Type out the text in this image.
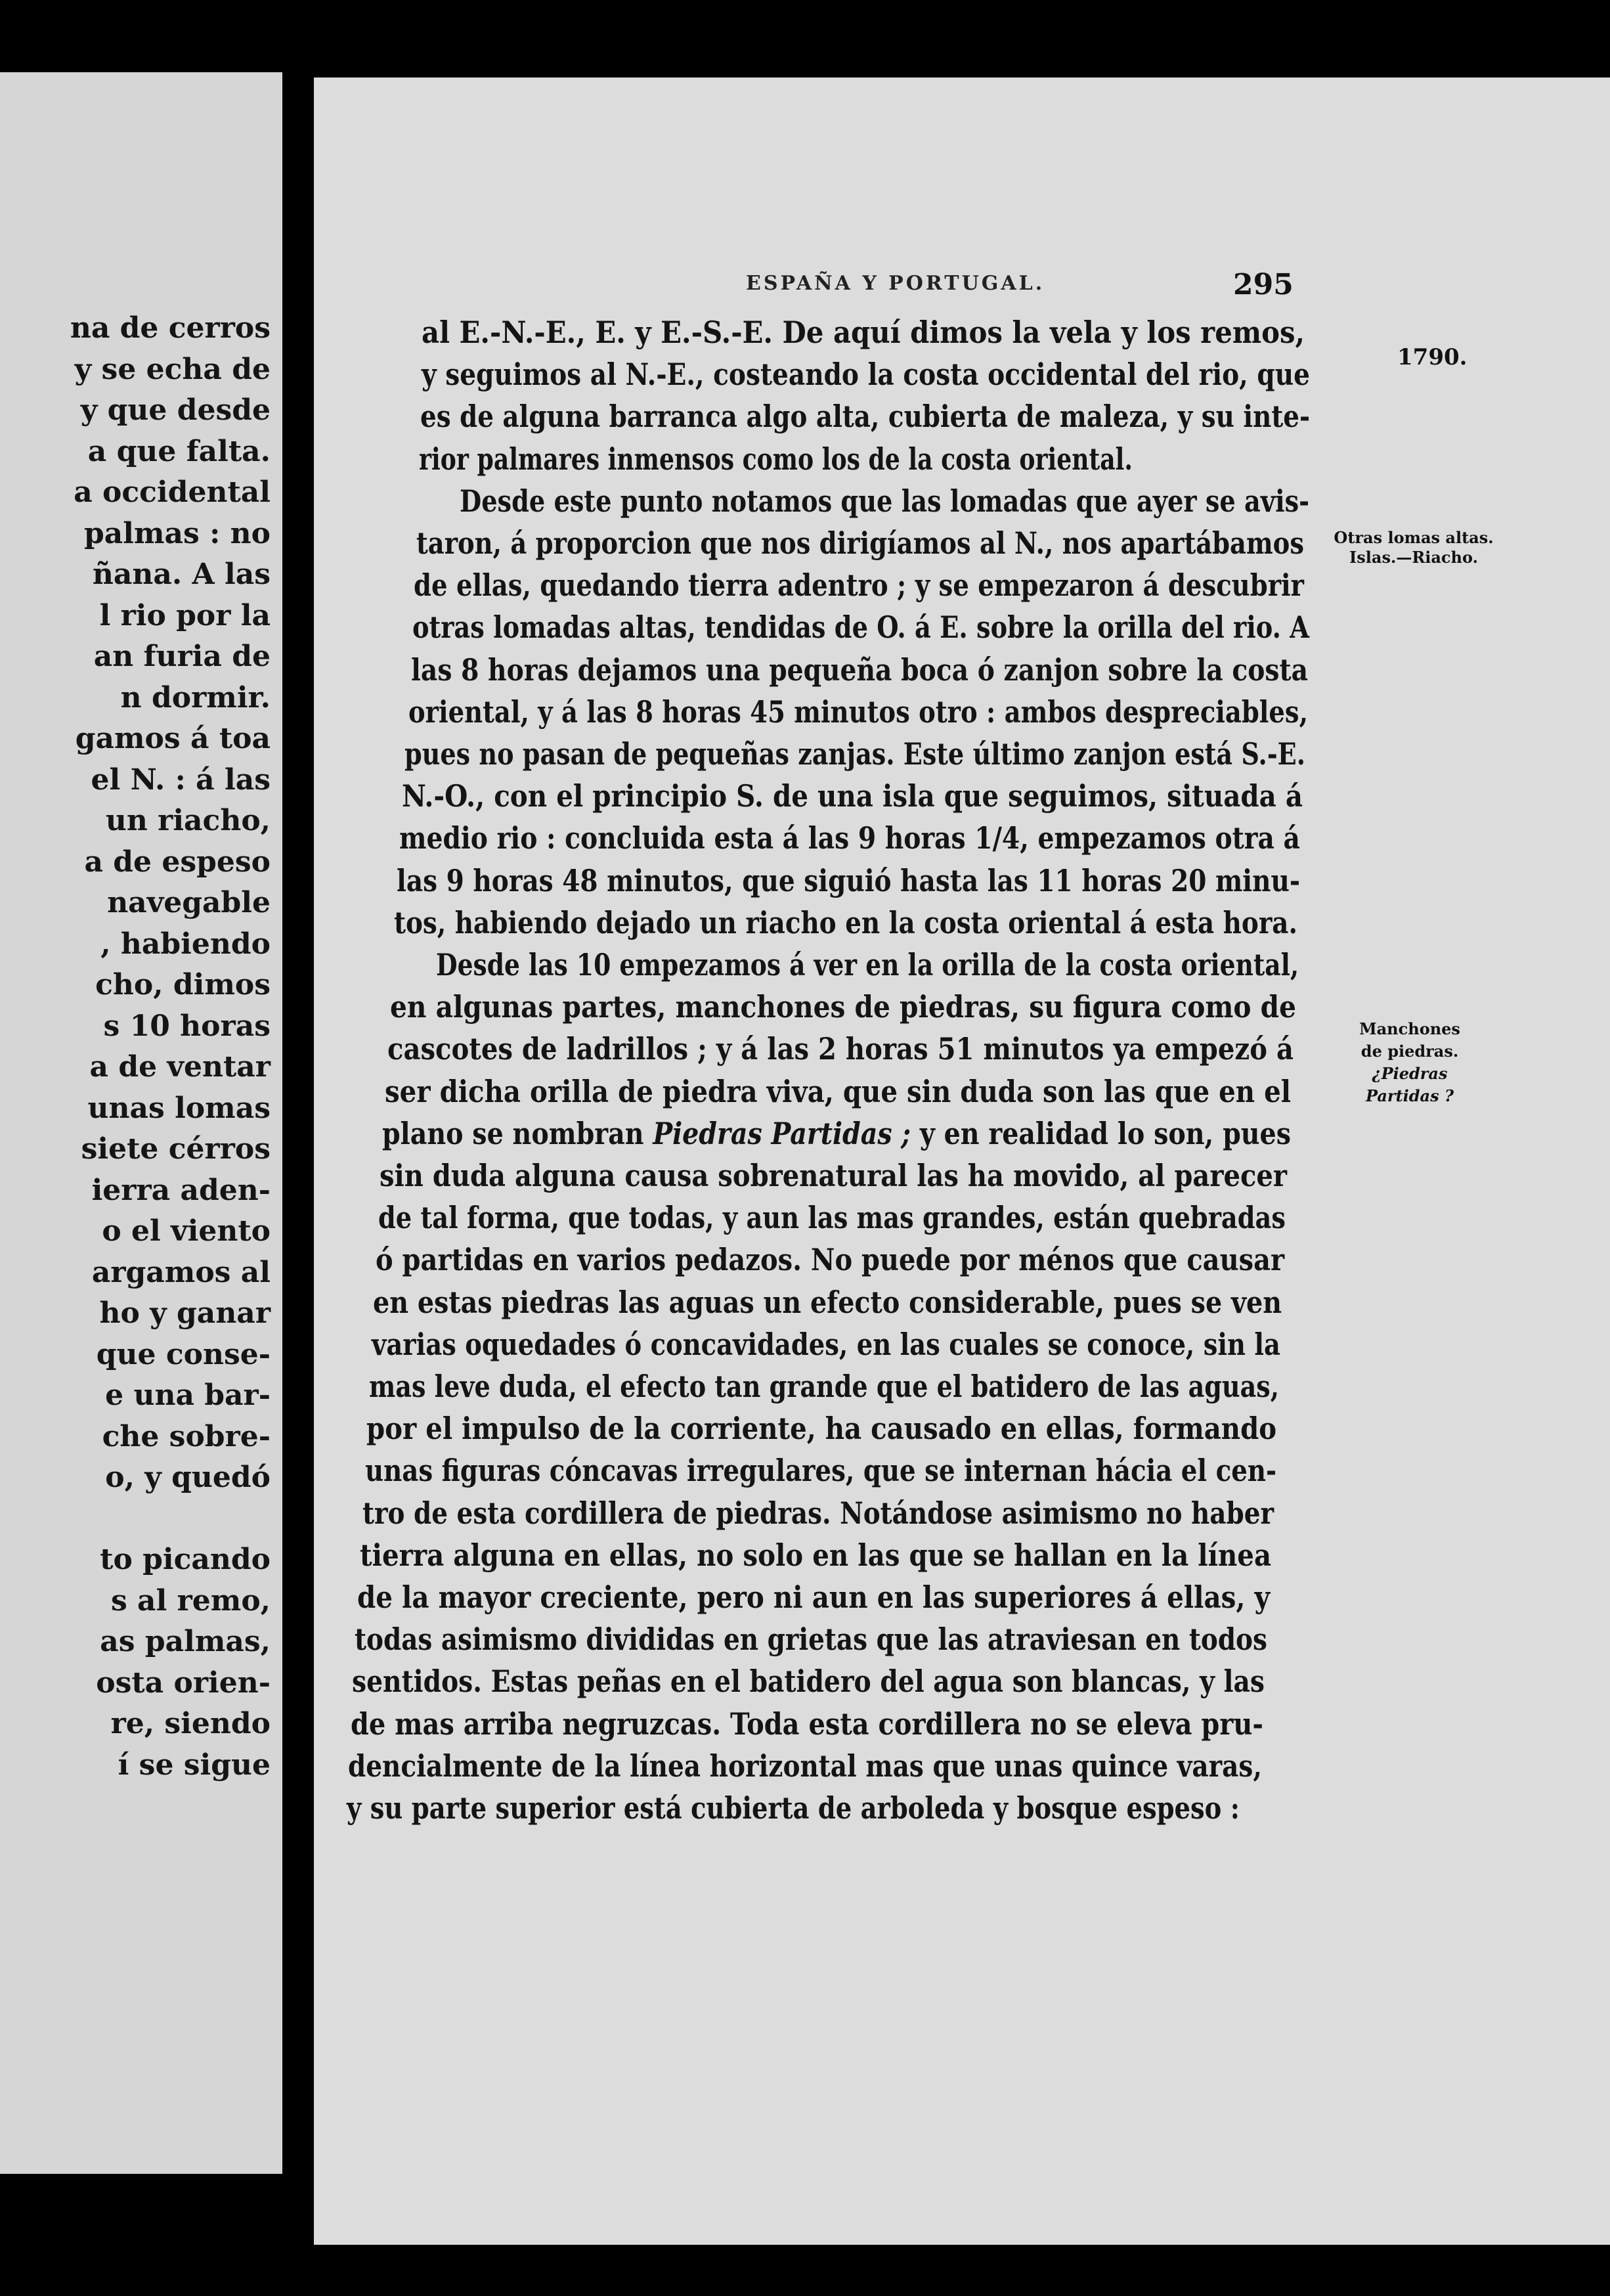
na de cerros
y se echa de
y que desde
a que falta.
a occidental
palmas : no
ñana. A las
l rio por la
an furia de
n dormir.
gamos á toa
el N. : á las
un riacho,
a de espeso
navegable
, habiendo
cho, dimos
s 10 horas
a de ventar
unas lomas
siete cérros
ierra aden-
o el viento
argamos al
ho y ganar
que conse-
e una bar-
che sobre-
o, y quedó
to picando
s al remo,
as palmas,
osta orien-
re, siendo
í se sigue
ESPAÑA Y PORTUGAL.	295
1790.
Otras lomas altas.
Islas.—Riacho.
Manchones
de piedras.
¿Piedras
Partidas ?
al E.-N.-E., E. y E.-S.-E. De aquí dimos la vela y los remos,
y seguimos al N.-E., costeando la costa occidental del rio, que
es de alguna barranca algo alta, cubierta de maleza, y su inte-
rior palmares inmensos como los de la costa oriental.
Desde este punto notamos que las lomadas que ayer se avis-
taron, á proporcion que nos dirigíamos al N., nos apartábamos
de ellas, quedando tierra adentro ; y se empezaron á descubrir
otras lomadas altas, tendidas de O. á E. sobre la orilla del rio. A
las 8 horas dejamos una pequeña boca ó zanjon sobre la costa
oriental, y á las 8 horas 45 minutos otro : ambos despreciables,
pues no pasan de pequeñas zanjas. Este último zanjon está S.-E.
N.-O., con el principio S. de una isla que seguimos, situada á
medio rio : concluida esta á las 9 horas 1/4, empezamos otra á
las 9 horas 48 minutos, que siguió hasta las 11 horas 20 minu-
tos, habiendo dejado un riacho en la costa oriental á esta hora.
Desde las 10 empezamos á ver en la orilla de la costa oriental,
en algunas partes, manchones de piedras, su figura como de
cascotes de ladrillos ; y á las 2 horas 51 minutos ya empezó á
ser dicha orilla de piedra viva, que sin duda son las que en el
plano se nombran Piedras Partidas ; y en realidad lo son, pues
sin duda alguna causa sobrenatural las ha movido, al parecer
de tal forma, que todas, y aun las mas grandes, están quebradas
ó partidas en varios pedazos. No puede por ménos que causar
en estas piedras las aguas un efecto considerable, pues se ven
varias oquedades ó concavidades, en las cuales se conoce, sin la
mas leve duda, el efecto tan grande que el batidero de las aguas,
por el impulso de la corriente, ha causado en ellas, formando
unas figuras cóncavas irregulares, que se internan hácia el cen-
tro de esta cordillera de piedras. Notándose asimismo no haber
tierra alguna en ellas, no solo en las que se hallan en la línea
de la mayor creciente, pero ni aun en las superiores á ellas, y
todas asimismo divididas en grietas que las atraviesan en todos
sentidos. Estas peñas en el batidero del agua son blancas, y las
de mas arriba negruzcas. Toda esta cordillera no se eleva pru-
dencialmente de la línea horizontal mas que unas quince varas,
y su parte superior está cubierta de arboleda y bosque espeso :
